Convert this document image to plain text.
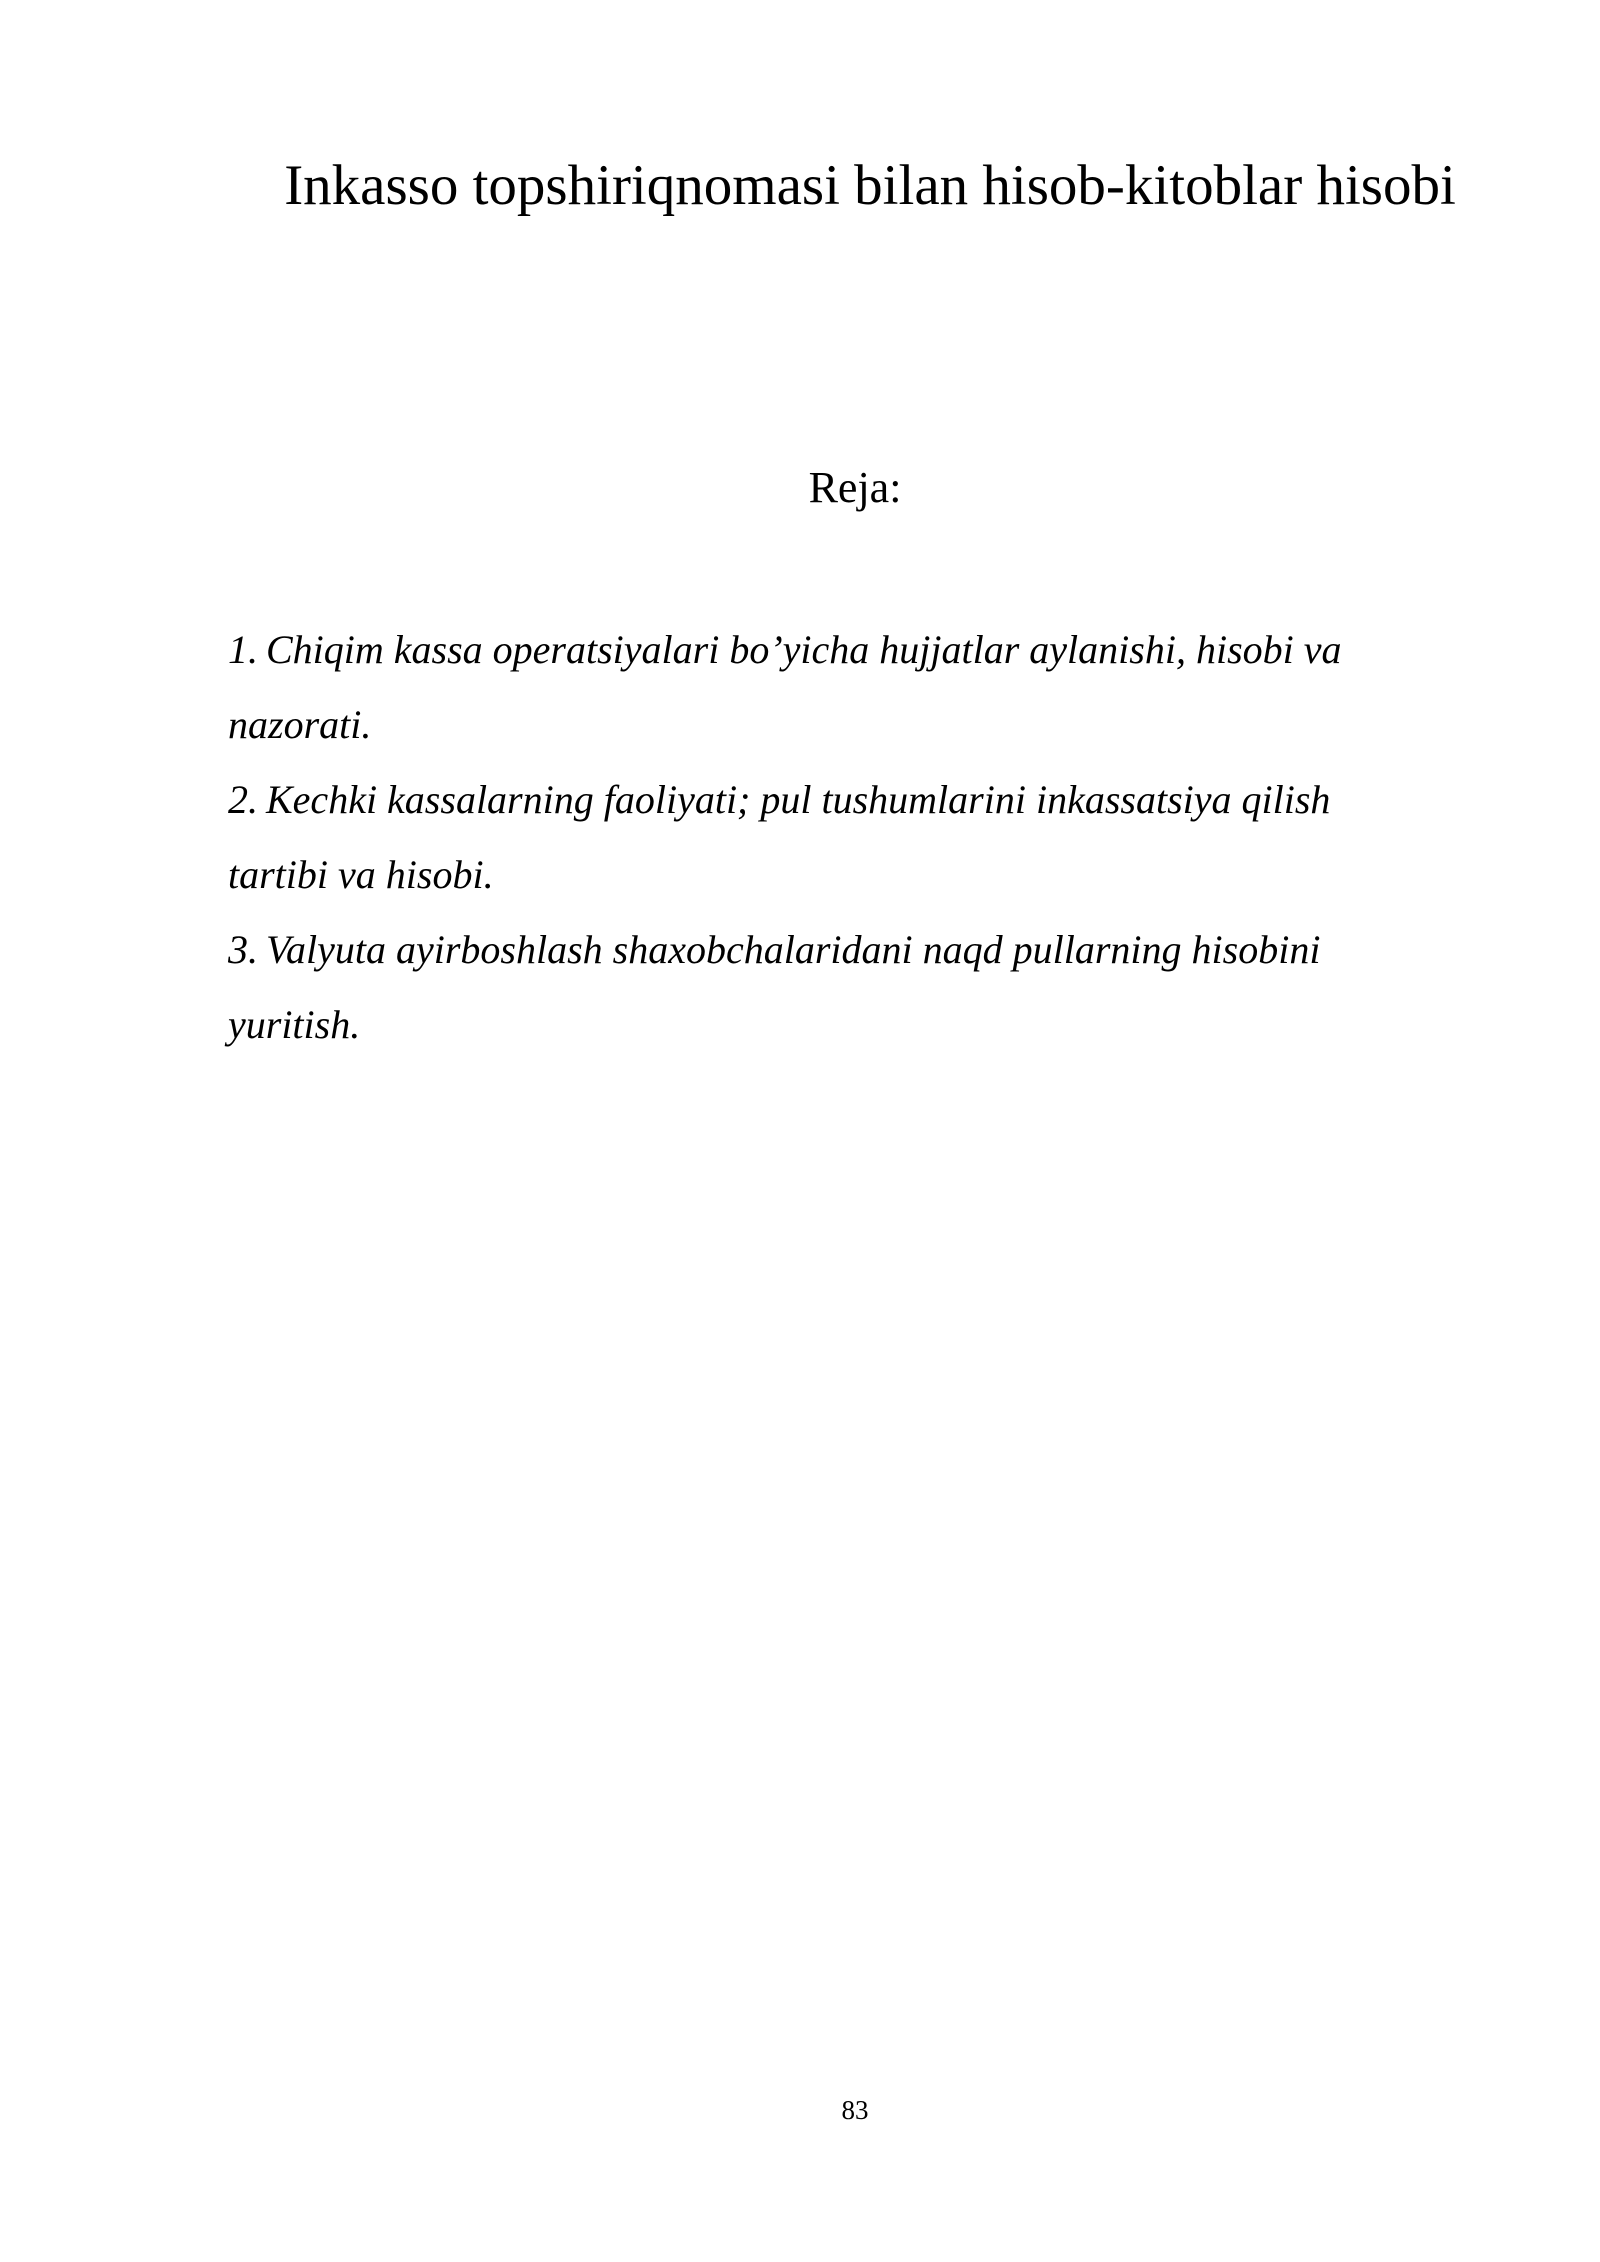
Inkasso topshiriqnomasi bilan hisob-kitoblar hisobi
Reja:
1. Chiqim kassa operatsiyalari bo’yicha hujjatlar aylanishi, hisobi va nazorati.
2. Kechki kassalarning faoliyati; pul tushumlarini inkassatsiya qilish tartibi va hisobi.
3. Valyuta ayirboshlash shaxobchalaridani naqd pullarning hisobini yuritish.
83
